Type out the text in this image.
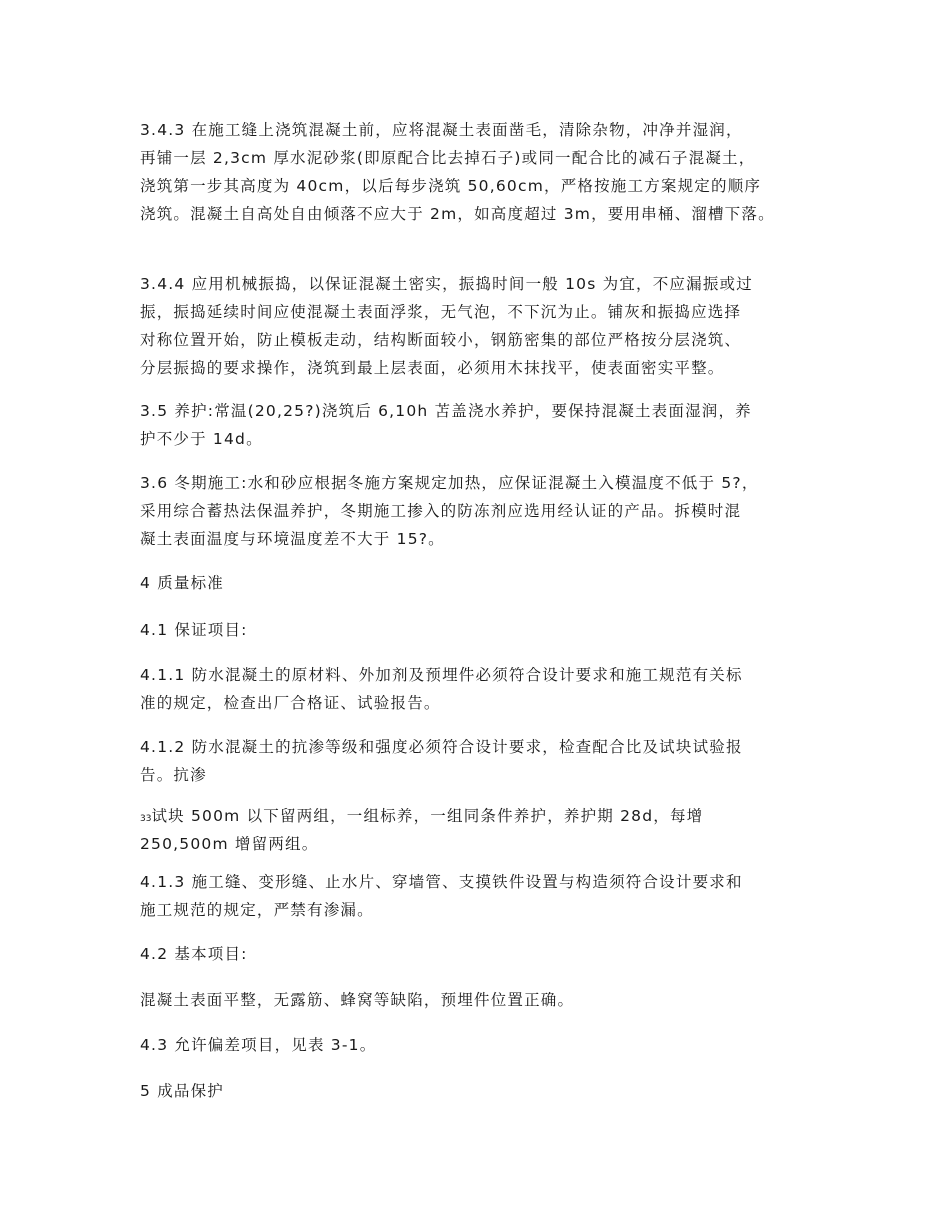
3.4.3 在施工缝上浇筑混凝土前，应将混凝土表面凿毛，清除杂物，冲净并湿润，
再铺一层 2,3cm 厚水泥砂浆(即原配合比去掉石子)或同一配合比的减石子混凝土，
浇筑第一步其高度为 40cm，以后每步浇筑 50,60cm，严格按施工方案规定的顺序
浇筑。混凝土自高处自由倾落不应大于 2m，如高度超过 3m，要用串桶、溜槽下落。
3.4.4 应用机械振捣，以保证混凝土密实，振捣时间一般 10s 为宜，不应漏振或过
振，振捣延续时间应使混凝土表面浮浆，无气泡，不下沉为止。铺灰和振捣应选择
对称位置开始，防止模板走动，结构断面较小，钢筋密集的部位严格按分层浇筑、
分层振捣的要求操作，浇筑到最上层表面，必须用木抹找平，使表面密实平整。
3.5 养护:常温(20,25?)浇筑后 6,10h 苫盖浇水养护，要保持混凝土表面湿润，养
护不少于 14d。
3.6 冬期施工:水和砂应根据冬施方案规定加热，应保证混凝土入模温度不低于 5?，
采用综合蓄热法保温养护，冬期施工掺入的防冻剂应选用经认证的产品。拆模时混
凝土表面温度与环境温度差不大于 15?。
4 质量标准
4.1 保证项目:
4.1.1 防水混凝土的原材料、外加剂及预埋件必须符合设计要求和施工规范有关标
准的规定，检查出厂合格证、试验报告。
4.1.2 防水混凝土的抗渗等级和强度必须符合设计要求，检查配合比及试块试验报
告。抗渗
33试块 500m 以下留两组，一组标养，一组同条件养护，养护期 28d，每增
250,500m 增留两组。
4.1.3 施工缝、变形缝、止水片、穿墙管、支摸铁件设置与构造须符合设计要求和
施工规范的规定，严禁有渗漏。
4.2 基本项目:
混凝土表面平整，无露筋、蜂窝等缺陷，预埋件位置正确。
4.3 允许偏差项目，见表 3-1。
5 成品保护
